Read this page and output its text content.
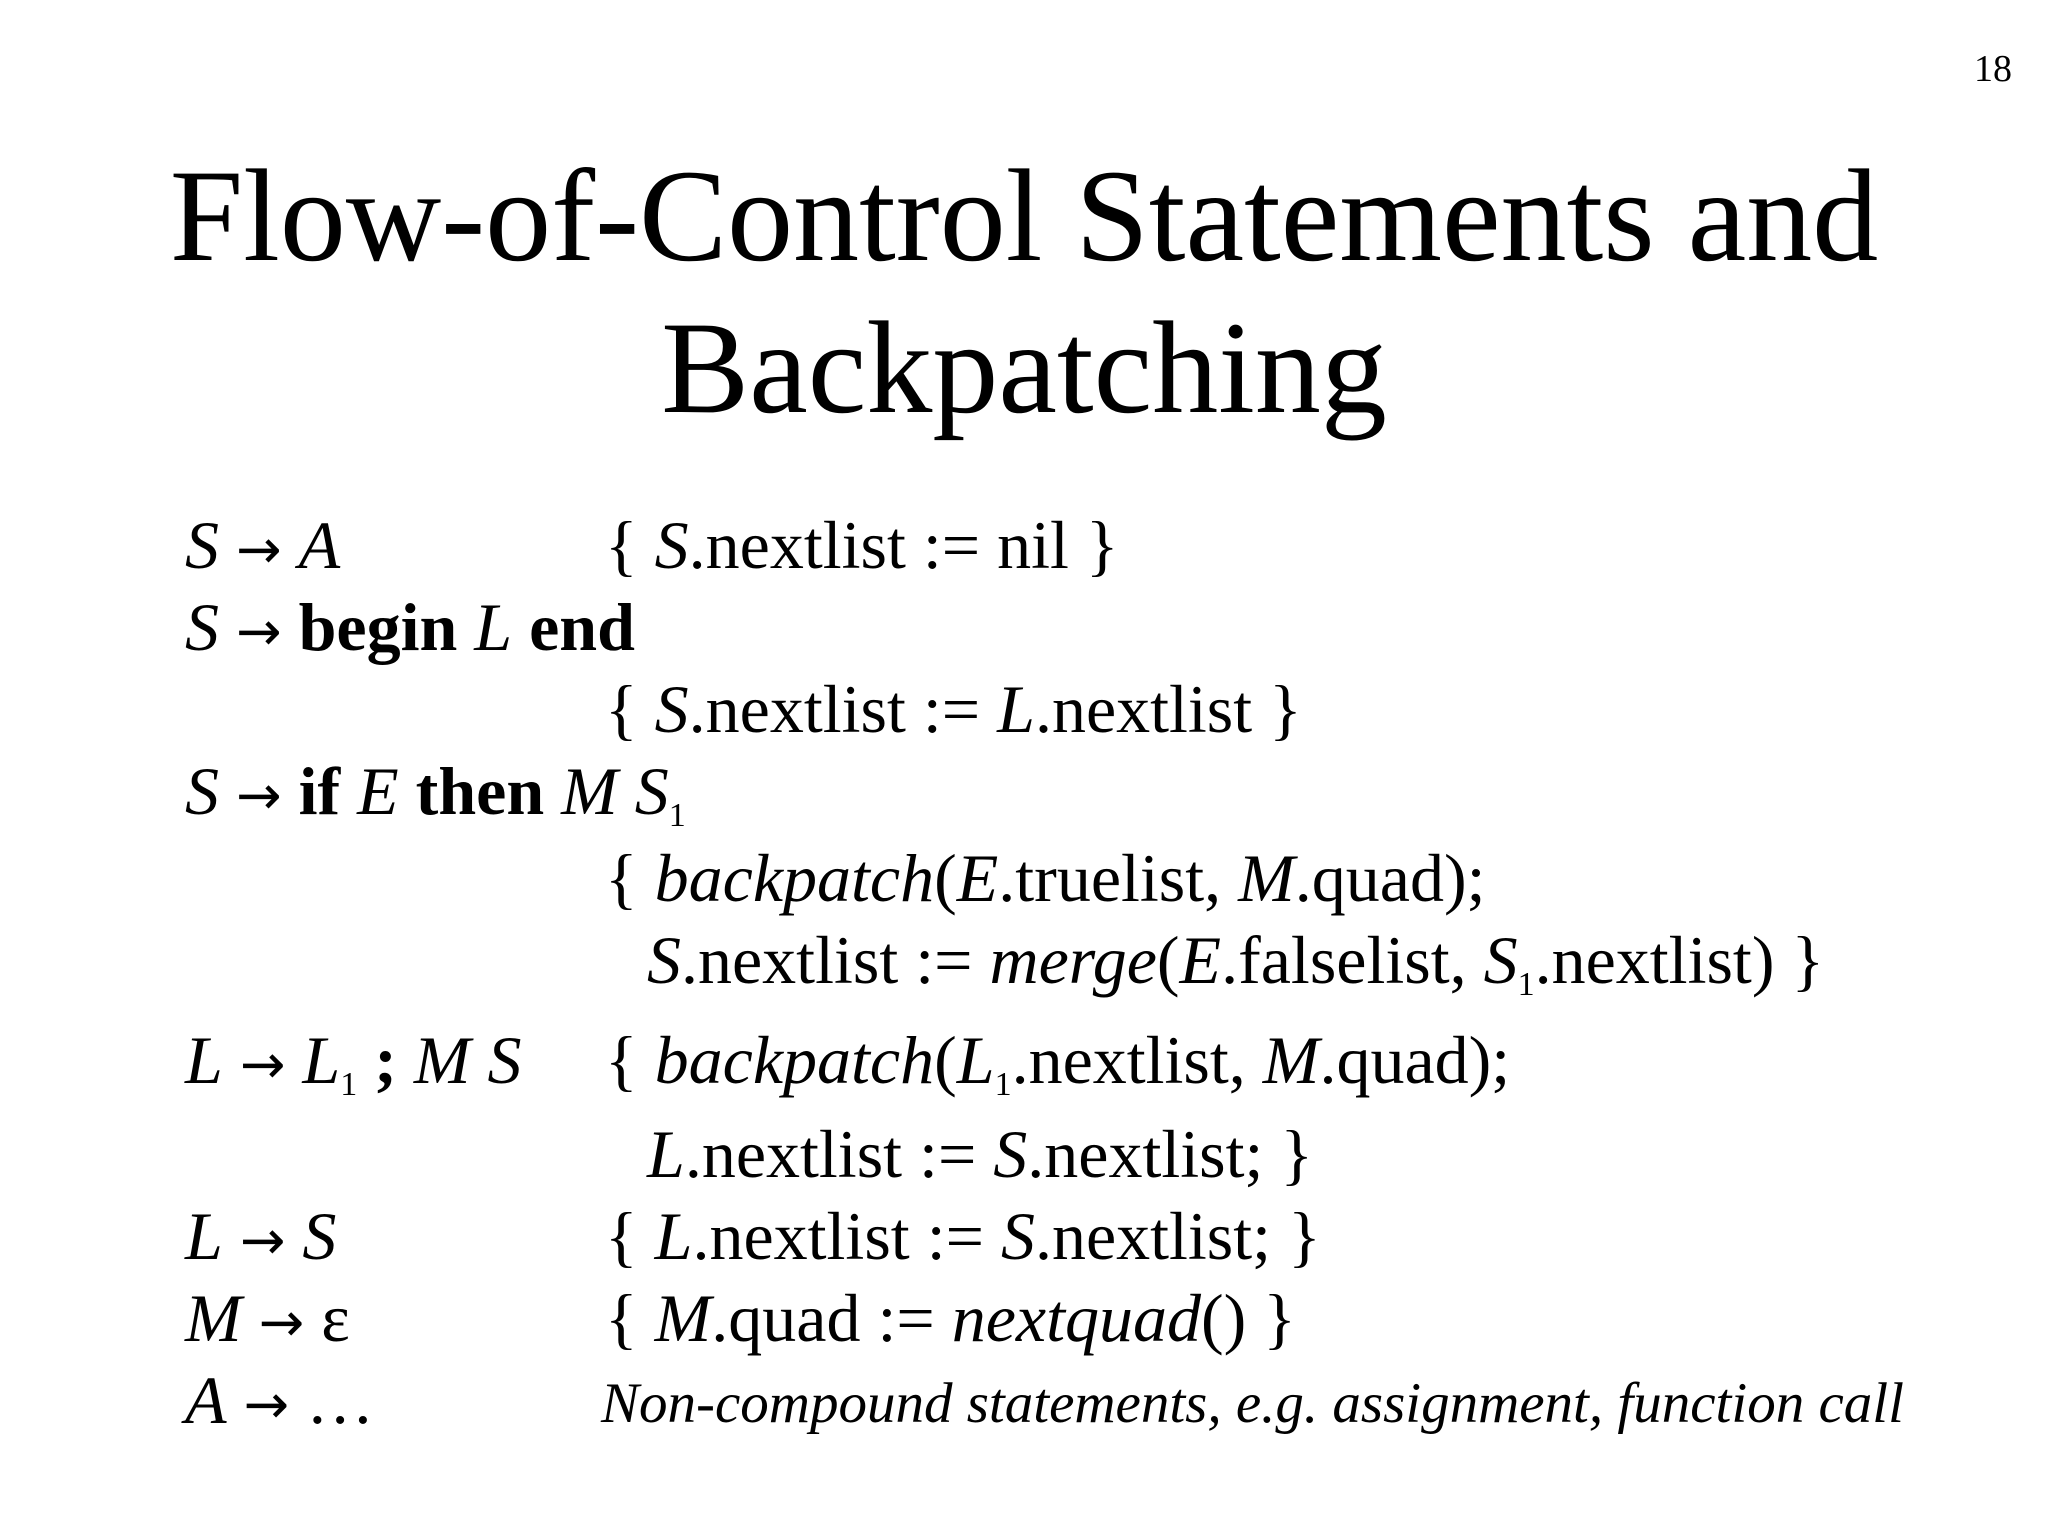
18
Flow-of-Control Statements and
Backpatching
S → A	{ S.nextlist := nil }
S → begin L end
{ S.nextlist := L.nextlist }
S → if E then M $S_1$
{ backpatch(E.truelist, M.quad);
S.nextlist := merge(E.falselist, $S_1.nextlist$) }
$L \to L_1$ ; M S { $backpatch(L_1.nextlist$, M.quad);
L.nextlist := S.nextlist; }
L → S	{ L.nextlist := S.nextlist; }
M → ε	{ M.quad := nextquad() }
A → …	Non-compound statements, e.g. assignment, function call
